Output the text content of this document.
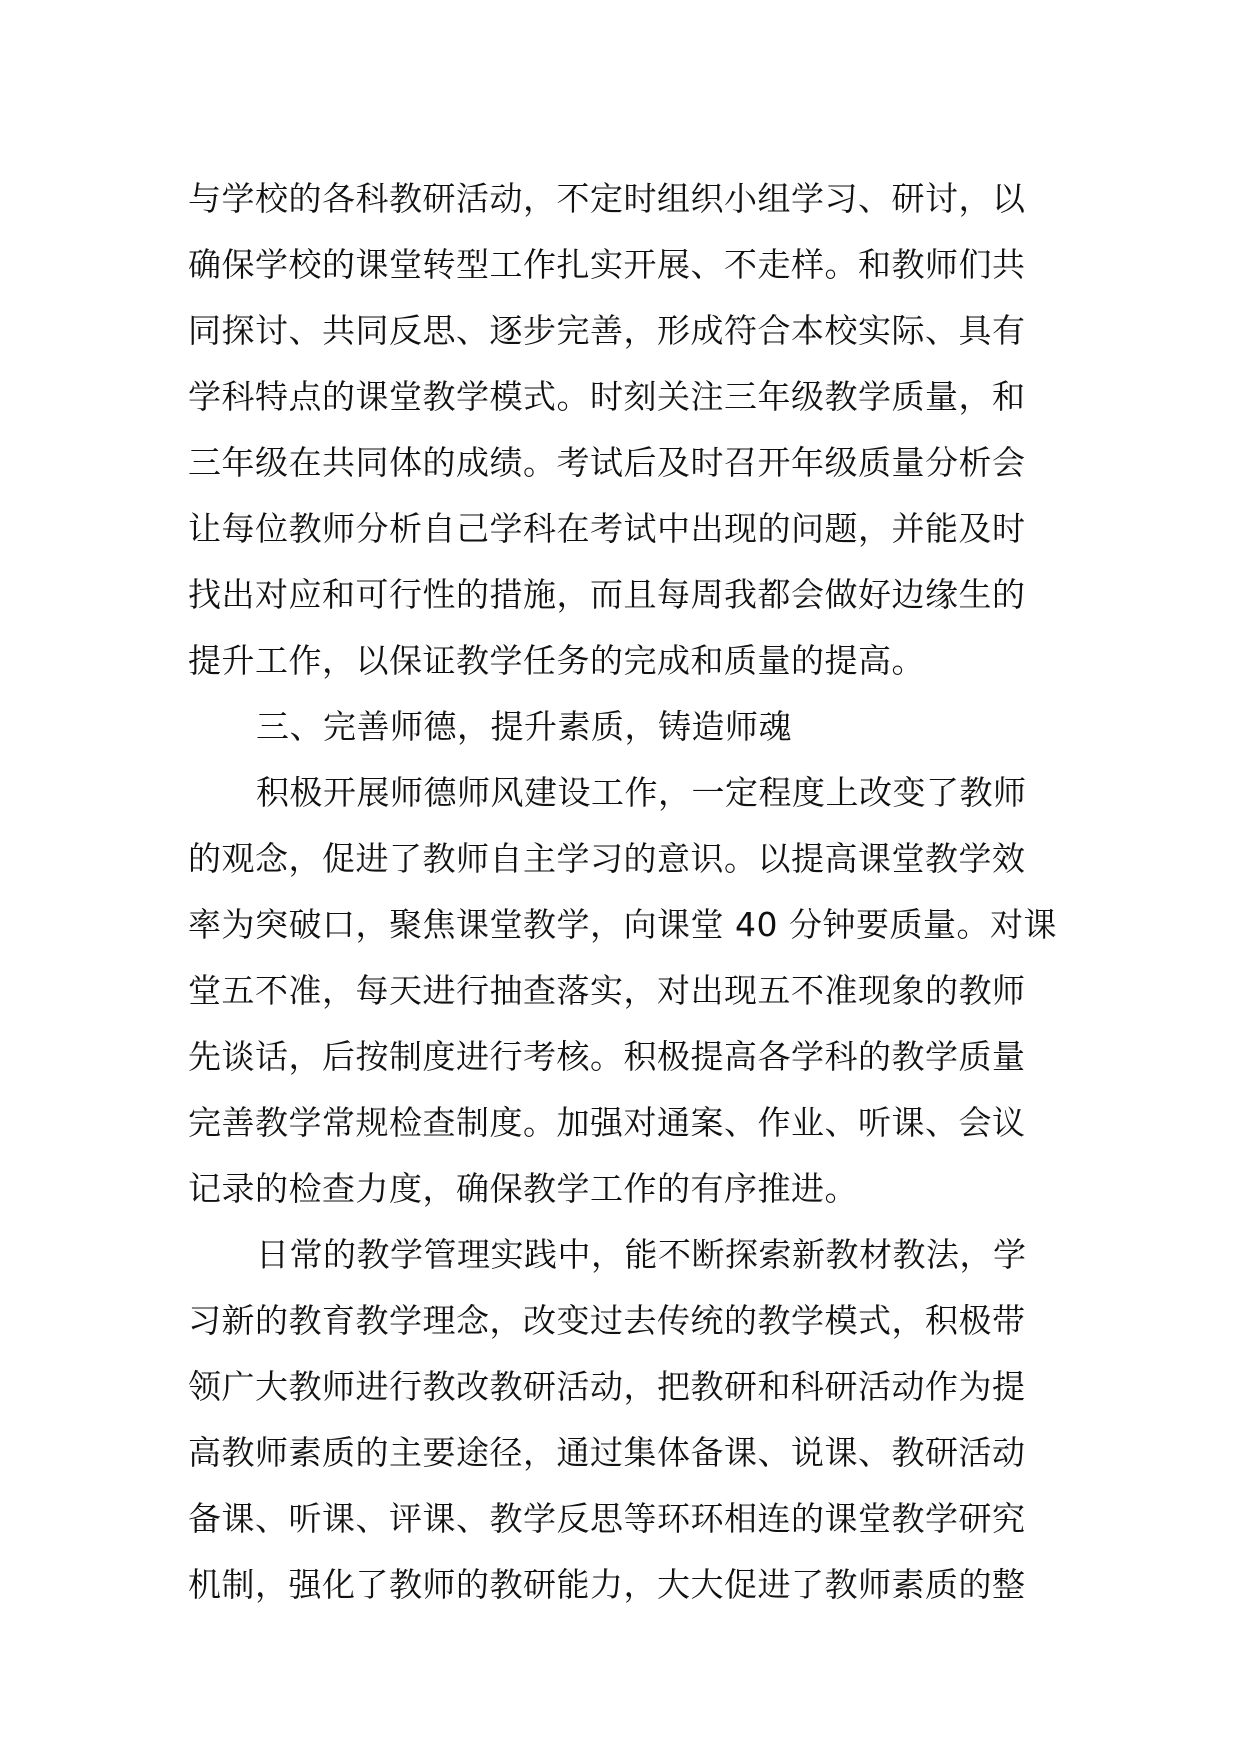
与学校的各科教研活动，不定时组织小组学习、研讨，以
确保学校的课堂转型工作扎实开展、不走样。和教师们共
同探讨、共同反思、逐步完善，形成符合本校实际、具有
学科特点的课堂教学模式。时刻关注三年级教学质量，和
三年级在共同体的成绩。考试后及时召开年级质量分析会
让每位教师分析自己学科在考试中出现的问题，并能及时
找出对应和可行性的措施，而且每周我都会做好边缘生的
提升工作，以保证教学任务的完成和质量的提高。
三、完善师德，提升素质，铸造师魂
积极开展师德师风建设工作，一定程度上改变了教师
的观念，促进了教师自主学习的意识。以提高课堂教学效
率为突破口，聚焦课堂教学，向课堂 40 分钟要质量。对课
堂五不准，每天进行抽查落实，对出现五不准现象的教师
先谈话，后按制度进行考核。积极提高各学科的教学质量
完善教学常规检查制度。加强对通案、作业、听课、会议
记录的检查力度，确保教学工作的有序推进。
日常的教学管理实践中，能不断探索新教材教法，学
习新的教育教学理念，改变过去传统的教学模式，积极带
领广大教师进行教改教研活动，把教研和科研活动作为提
高教师素质的主要途径，通过集体备课、说课、教研活动
备课、听课、评课、教学反思等环环相连的课堂教学研究
机制，强化了教师的教研能力，大大促进了教师素质的整
